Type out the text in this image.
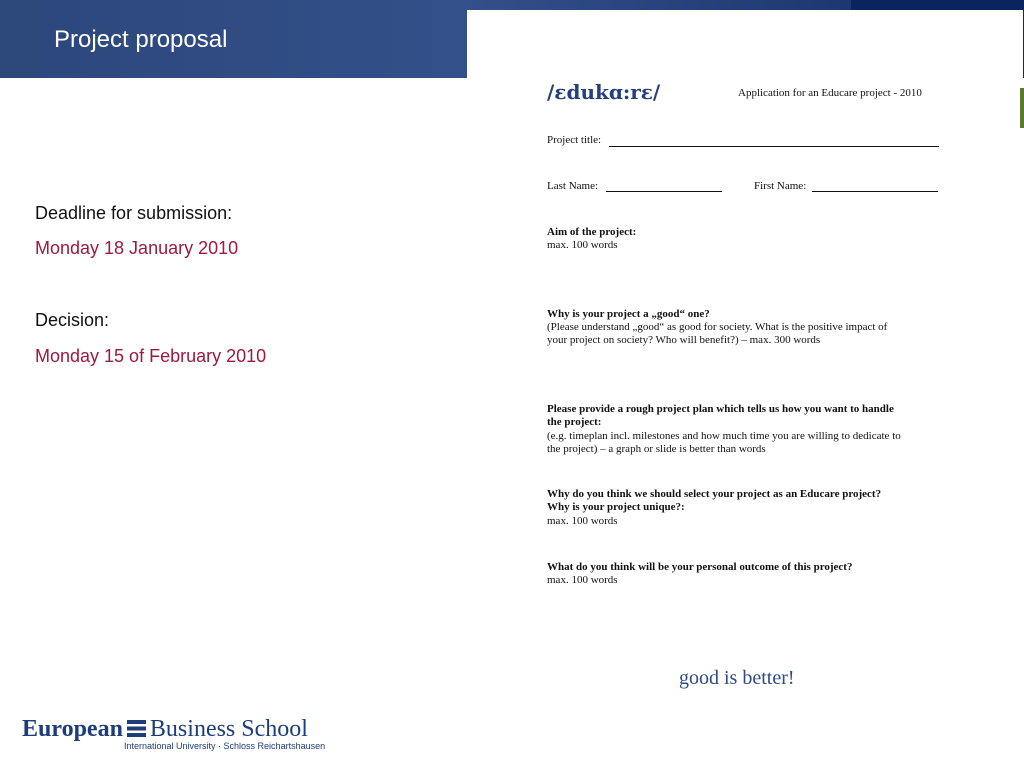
Project proposal
Deadline for submission:
Monday 18 January 2010
Decision:
Monday 15 of February 2010
/ɛdukɑ:rɛ/	Application for an Educare project - 2010
Project title:
Last Name:	First Name:
Aim of the project:
max. 100 words
Why is your project a „good“ one?
(Please understand „good“ as good for society. What is the positive impact of
your project on society? Who will benefit?) – max. 300 words
Please provide a rough project plan which tells us how you want to handle
the project:
(e.g. timeplan incl. milestones and how much time you are willing to dedicate to
the project) – a graph or slide is better than words
Why do you think we should select your project as an Educare project?
Why is your project unique?:
max. 100 words
What do you think will be your personal outcome of this project?
max. 100 words
good is better!
European Business School
International University · Schloss Reichartshausen
